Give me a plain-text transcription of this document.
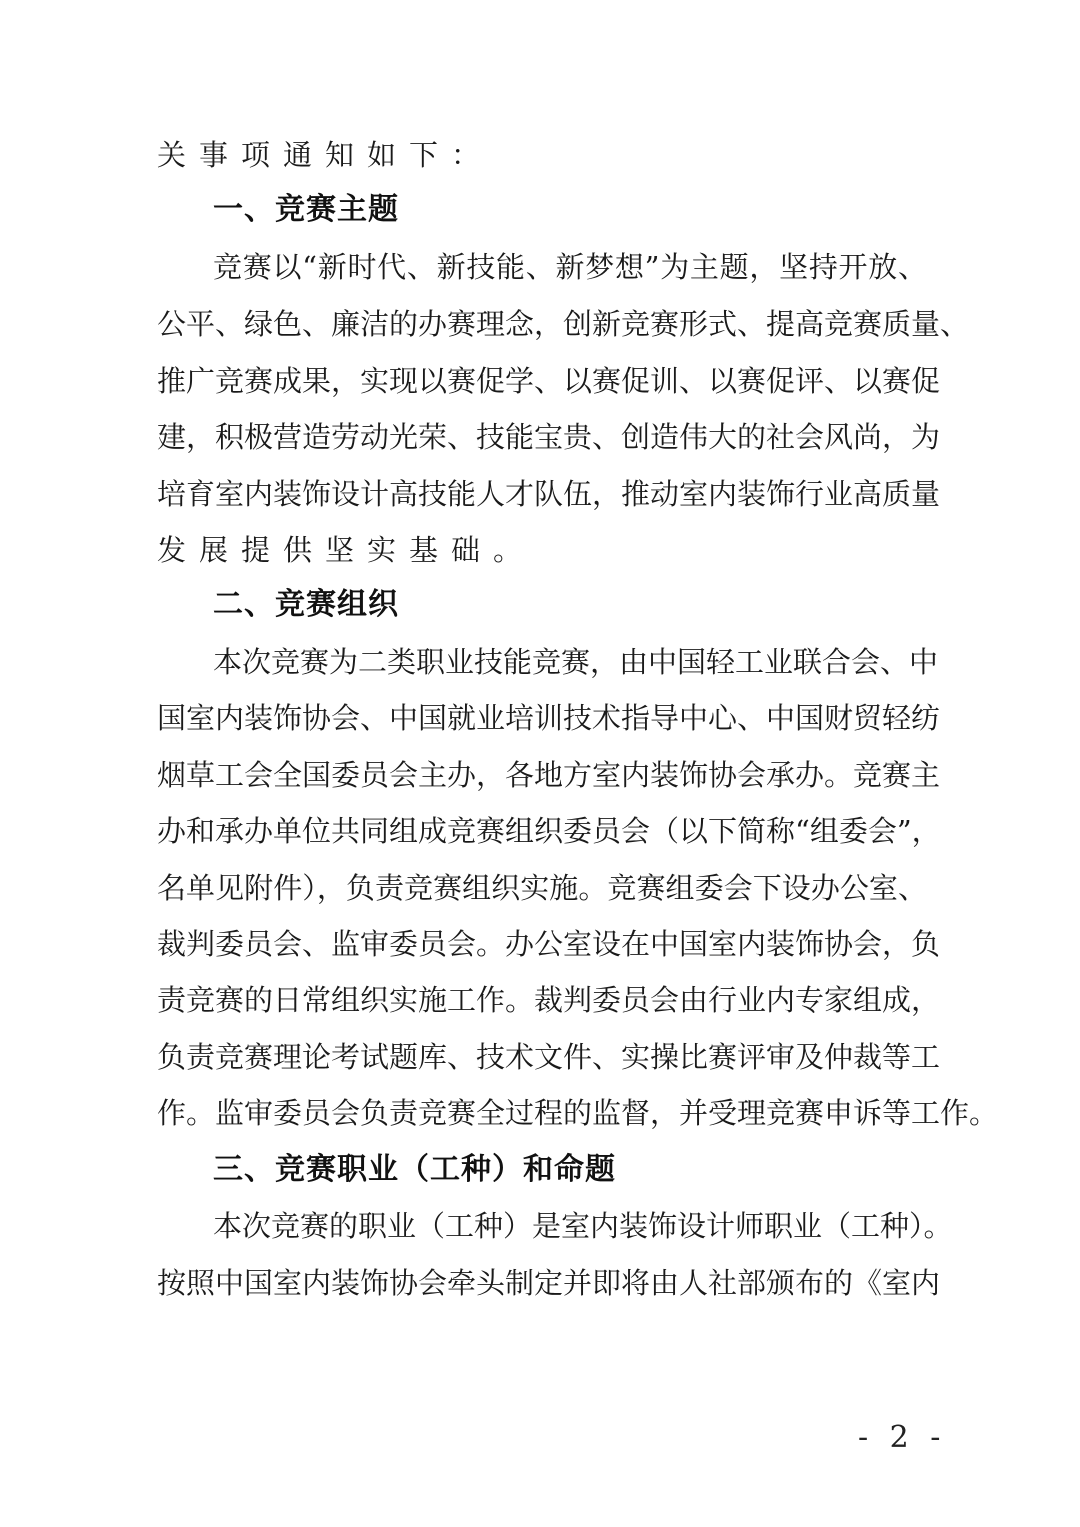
关事项通知如下：
一、竞赛主题
竞赛以“新时代、新技能、新梦想”为主题，坚持开放、
公平、绿色、廉洁的办赛理念，创新竞赛形式、提高竞赛质量、
推广竞赛成果，实现以赛促学、以赛促训、以赛促评、以赛促
建，积极营造劳动光荣、技能宝贵、创造伟大的社会风尚，为
培育室内装饰设计高技能人才队伍，推动室内装饰行业高质量
发展提供坚实基础。
二、竞赛组织
本次竞赛为二类职业技能竞赛，由中国轻工业联合会、中
国室内装饰协会、中国就业培训技术指导中心、中国财贸轻纺
烟草工会全国委员会主办，各地方室内装饰协会承办。竞赛主
办和承办单位共同组成竞赛组织委员会（以下简称“组委会”，
名单见附件），负责竞赛组织实施。竞赛组委会下设办公室、
裁判委员会、监审委员会。办公室设在中国室内装饰协会，负
责竞赛的日常组织实施工作。裁判委员会由行业内专家组成，
负责竞赛理论考试题库、技术文件、实操比赛评审及仲裁等工
作。监审委员会负责竞赛全过程的监督，并受理竞赛申诉等工作。
三、竞赛职业（工种）和命题
本次竞赛的职业（工种）是室内装饰设计师职业（工种）。
按照中国室内装饰协会牵头制定并即将由人社部颁布的《室内
- 2 -
